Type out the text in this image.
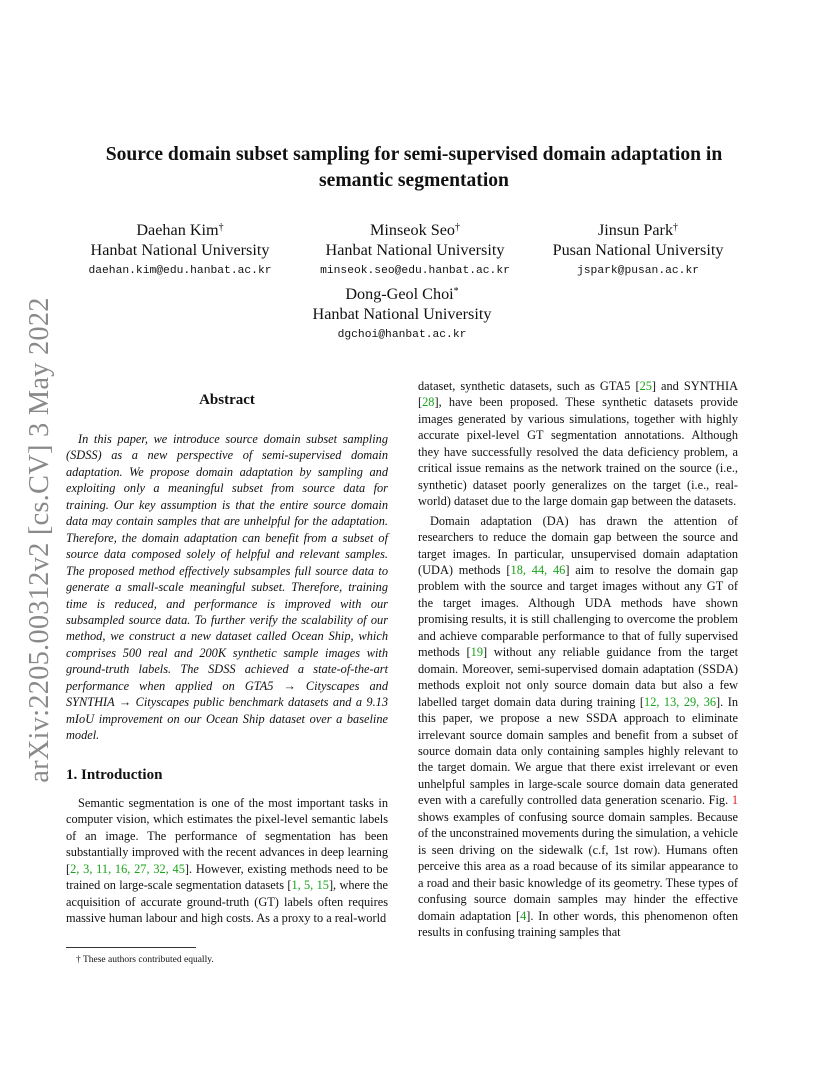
arXiv:2205.00312v2 [cs.CV] 3 May 2022
Source domain subset sampling for semi-supervised domain adaptation in
semantic segmentation
Daehan Kim†
Hanbat National University
daehan.kim@edu.hanbat.ac.kr
Minseok Seo†
Hanbat National University
minseok.seo@edu.hanbat.ac.kr
Jinsun Park†
Pusan National University
jspark@pusan.ac.kr
Dong-Geol Choi*
Hanbat National University
dgchoi@hanbat.ac.kr
Abstract
In this paper, we introduce source domain subset sampling (SDSS) as a new perspective of semi-supervised domain adaptation. We propose domain adaptation by sampling and exploiting only a meaningful subset from source data for training. Our key assumption is that the entire source domain data may contain samples that are unhelpful for the adaptation. Therefore, the domain adaptation can benefit from a subset of source data composed solely of helpful and relevant samples. The proposed method effectively subsamples full source data to generate a small-scale meaningful subset. Therefore, training time is reduced, and performance is improved with our subsampled source data. To further verify the scalability of our method, we construct a new dataset called Ocean Ship, which comprises 500 real and 200K synthetic sample images with ground-truth labels. The SDSS achieved a state-of-the-art performance when applied on GTA5 → Cityscapes and SYNTHIA → Cityscapes public benchmark datasets and a 9.13 mIoU improvement on our Ocean Ship dataset over a baseline model.
1. Introduction

Semantic segmentation is one of the most important tasks in computer vision, which estimates the pixel-level semantic labels of an image. The performance of segmentation has been substantially improved with the recent advances in deep learning [2, 3, 11, 16, 27, 32, 45]. However, existing methods need to be trained on large-scale segmentation datasets [1, 5, 15], where the acquisition of accurate ground-truth (GT) labels often requires massive human labour and high costs. As a proxy to a real-world

dataset, synthetic datasets, such as GTA5 [25] and SYNTHIA [28], have been proposed. These synthetic datasets provide images generated by various simulations, together with highly accurate pixel-level GT segmentation annotations. Although they have successfully resolved the data deficiency problem, a critical issue remains as the network trained on the source (i.e., synthetic) dataset poorly generalizes on the target (i.e., real-world) dataset due to the large domain gap between the datasets.

Domain adaptation (DA) has drawn the attention of researchers to reduce the domain gap between the source and target images. In particular, unsupervised domain adaptation (UDA) methods [18, 44, 46] aim to resolve the domain gap problem with the source and target images without any GT of the target images. Although UDA methods have shown promising results, it is still challenging to overcome the problem and achieve comparable performance to that of fully supervised methods [19] without any reliable guidance from the target domain. Moreover, semi-supervised domain adaptation (SSDA) methods exploit not only source domain data but also a few labelled target domain data during training [12, 13, 29, 36]. In this paper, we propose a new SSDA approach to eliminate irrelevant source domain samples and benefit from a subset of source domain data only containing samples highly relevant to the target domain. We argue that there exist irrelevant or even unhelpful samples in large-scale source domain data generated even with a carefully controlled data generation scenario. Fig. 1 shows examples of confusing source domain samples. Because of the unconstrained movements during the simulation, a vehicle is seen driving on the sidewalk (c.f, 1st row). Humans often perceive this area as a road because of its similar appearance to a road and their basic knowledge of its geometry. These types of confusing source domain samples may hinder the effective domain adaptation [4]. In other words, this phenomenon often results in confusing training samples that

† These authors contributed equally.
